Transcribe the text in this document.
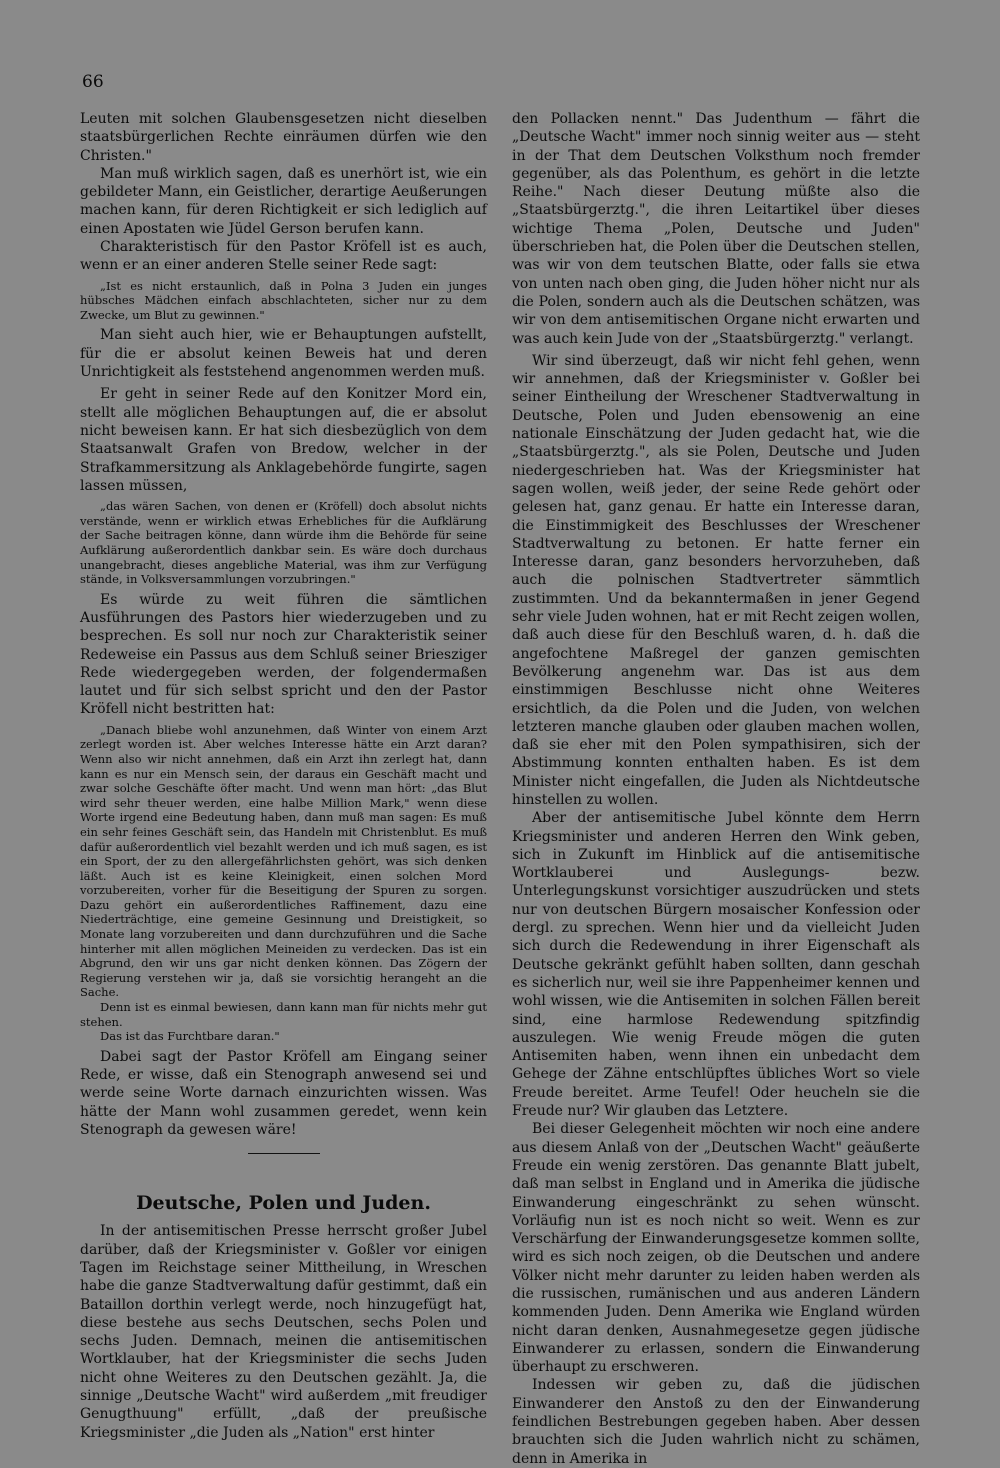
66

Leuten mit solchen Glaubensgesetzen nicht dieselben staatsbürgerlichen Rechte einräumen dürfen wie den Christen."

Man muß wirklich sagen, daß es unerhört ist, wie ein gebildeter Mann, ein Geistlicher, derartige Aeußerungen machen kann, für deren Richtigkeit er sich lediglich auf einen Apostaten wie Jüdel Gerson berufen kann.

Charakteristisch für den Pastor Kröfell ist es auch, wenn er an einer anderen Stelle seiner Rede sagt:

„Ist es nicht erstaunlich, daß in Polna 3 Juden ein junges hübsches Mädchen einfach abschlachteten, sicher nur zu dem Zwecke, um Blut zu gewinnen."

Man sieht auch hier, wie er Behauptungen aufstellt, für die er absolut keinen Beweis hat und deren Unrichtigkeit als feststehend angenommen werden muß.

Er geht in seiner Rede auf den Konitzer Mord ein, stellt alle möglichen Behauptungen auf, die er absolut nicht beweisen kann. Er hat sich diesbezüglich von dem Staatsanwalt Grafen von Bredow, welcher in der Strafkammersitzung als Anklagebehörde fungirte, sagen lassen müssen,

„das wären Sachen, von denen er (Kröfell) doch absolut nichts verstände, wenn er wirklich etwas Erhebliches für die Aufklärung der Sache beitragen könne, dann würde ihm die Behörde für seine Aufklärung außerordentlich dankbar sein. Es wäre doch durchaus unangebracht, dieses angebliche Material, was ihm zur Verfügung stände, in Volksversammlungen vorzubringen."

Es würde zu weit führen die sämtlichen Ausführungen des Pastors hier wiederzugeben und zu besprechen. Es soll nur noch zur Charakteristik seiner Redeweise ein Passus aus dem Schluß seiner Briesziger Rede wiedergegeben werden, der folgendermaßen lautet und für sich selbst spricht und den der Pastor Kröfell nicht bestritten hat:

„Danach bliebe wohl anzunehmen, daß Winter von einem Arzt zerlegt worden ist. Aber welches Interesse hätte ein Arzt daran? Wenn also wir nicht annehmen, daß ein Arzt ihn zerlegt hat, dann kann es nur ein Mensch sein, der daraus ein Geschäft macht und zwar solche Geschäfte öfter macht. Und wenn man hört: „das Blut wird sehr theuer werden, eine halbe Million Mark," wenn diese Worte irgend eine Bedeutung haben, dann muß man sagen: Es muß ein sehr feines Geschäft sein, das Handeln mit Christenblut. Es muß dafür außerordentlich viel bezahlt werden und ich muß sagen, es ist ein Sport, der zu den allergefährlichsten gehört, was sich denken läßt. Auch ist es keine Kleinigkeit, einen solchen Mord vorzubereiten, vorher für die Beseitigung der Spuren zu sorgen. Dazu gehört ein außerordentliches Raffinement, dazu eine Niederträchtige, eine gemeine Gesinnung und Dreistigkeit, so Monate lang vorzubereiten und dann durchzuführen und die Sache hinterher mit allen möglichen Meineiden zu verdecken. Das ist ein Abgrund, den wir uns gar nicht denken können. Das Zögern der Regierung verstehen wir ja, daß sie vorsichtig herangeht an die Sache.

Denn ist es einmal bewiesen, dann kann man für nichts mehr gut stehen.

Das ist das Furchtbare daran."

Dabei sagt der Pastor Kröfell am Eingang seiner Rede, er wisse, daß ein Stenograph anwesend sei und werde seine Worte darnach einzurichten wissen. Was hätte der Mann wohl zusammen geredet, wenn kein Stenograph da gewesen wäre!

Deutsche, Polen und Juden.

In der antisemitischen Presse herrscht großer Jubel darüber, daß der Kriegsminister v. Goßler vor einigen Tagen im Reichstage seiner Mittheilung, in Wreschen habe die ganze Stadtverwaltung dafür gestimmt, daß ein Bataillon dorthin verlegt werde, noch hinzugefügt hat, diese bestehe aus sechs Deutschen, sechs Polen und sechs Juden. Demnach, meinen die antisemitischen Wortklauber, hat der Kriegsminister die sechs Juden nicht ohne Weiteres zu den Deutschen gezählt. Ja, die sinnige „Deutsche Wacht" wird außerdem „mit freudiger Genugthuung" erfüllt, „daß der preußische Kriegsminister „die Juden als „Nation" erst hinter

den Pollacken nennt." Das Judenthum — fährt die „Deutsche Wacht" immer noch sinnig weiter aus — steht in der That dem Deutschen Volksthum noch fremder gegenüber, als das Polenthum, es gehört in die letzte Reihe." Nach dieser Deutung müßte also die „Staatsbürgerztg.", die ihren Leitartikel über dieses wichtige Thema „Polen, Deutsche und Juden" überschrieben hat, die Polen über die Deutschen stellen, was wir von dem teutschen Blatte, oder falls sie etwa von unten nach oben ging, die Juden höher nicht nur als die Polen, sondern auch als die Deutschen schätzen, was wir von dem antisemitischen Organe nicht erwarten und was auch kein Jude von der „Staatsbürgerztg." verlangt.

Wir sind überzeugt, daß wir nicht fehl gehen, wenn wir annehmen, daß der Kriegsminister v. Goßler bei seiner Eintheilung der Wreschener Stadtverwaltung in Deutsche, Polen und Juden ebensowenig an eine nationale Einschätzung der Juden gedacht hat, wie die „Staatsbürgerztg.", als sie Polen, Deutsche und Juden niedergeschrieben hat. Was der Kriegsminister hat sagen wollen, weiß jeder, der seine Rede gehört oder gelesen hat, ganz genau. Er hatte ein Interesse daran, die Einstimmigkeit des Beschlusses der Wreschener Stadtverwaltung zu betonen. Er hatte ferner ein Interesse daran, ganz besonders hervorzuheben, daß auch die polnischen Stadtvertreter sämmtlich zustimmten. Und da bekanntermaßen in jener Gegend sehr viele Juden wohnen, hat er mit Recht zeigen wollen, daß auch diese für den Beschluß waren, d. h. daß die angefochtene Maßregel der ganzen gemischten Bevölkerung angenehm war. Das ist aus dem einstimmigen Beschlusse nicht ohne Weiteres ersichtlich, da die Polen und die Juden, von welchen letzteren manche glauben oder glauben machen wollen, daß sie eher mit den Polen sympathisiren, sich der Abstimmung konnten enthalten haben. Es ist dem Minister nicht eingefallen, die Juden als Nichtdeutsche hinstellen zu wollen.

Aber der antisemitische Jubel könnte dem Herrn Kriegsminister und anderen Herren den Wink geben, sich in Zukunft im Hinblick auf die antisemitische Wortklauberei und Auslegungs- bezw. Unterlegungskunst vorsichtiger auszudrücken und stets nur von deutschen Bürgern mosaischer Konfession oder dergl. zu sprechen. Wenn hier und da vielleicht Juden sich durch die Redewendung in ihrer Eigenschaft als Deutsche gekränkt gefühlt haben sollten, dann geschah es sicherlich nur, weil sie ihre Pappenheimer kennen und wohl wissen, wie die Antisemiten in solchen Fällen bereit sind, eine harmlose Redewendung spitzfindig auszulegen. Wie wenig Freude mögen die guten Antisemiten haben, wenn ihnen ein unbedacht dem Gehege der Zähne entschlüpftes übliches Wort so viele Freude bereitet. Arme Teufel! Oder heucheln sie die Freude nur? Wir glauben das Letztere.

Bei dieser Gelegenheit möchten wir noch eine andere aus diesem Anlaß von der „Deutschen Wacht" geäußerte Freude ein wenig zerstören. Das genannte Blatt jubelt, daß man selbst in England und in Amerika die jüdische Einwanderung eingeschränkt zu sehen wünscht. Vorläufig nun ist es noch nicht so weit. Wenn es zur Verschärfung der Einwanderungsgesetze kommen sollte, wird es sich noch zeigen, ob die Deutschen und andere Völker nicht mehr darunter zu leiden haben werden als die russischen, rumänischen und aus anderen Ländern kommenden Juden. Denn Amerika wie England würden nicht daran denken, Ausnahmegesetze gegen jüdische Einwanderer zu erlassen, sondern die Einwanderung überhaupt zu erschweren.

Indessen wir geben zu, daß die jüdischen Einwanderer den Anstoß zu den der Einwanderung feindlichen Bestrebungen gegeben haben. Aber dessen brauchten sich die Juden wahrlich nicht zu schämen, denn in Amerika in
